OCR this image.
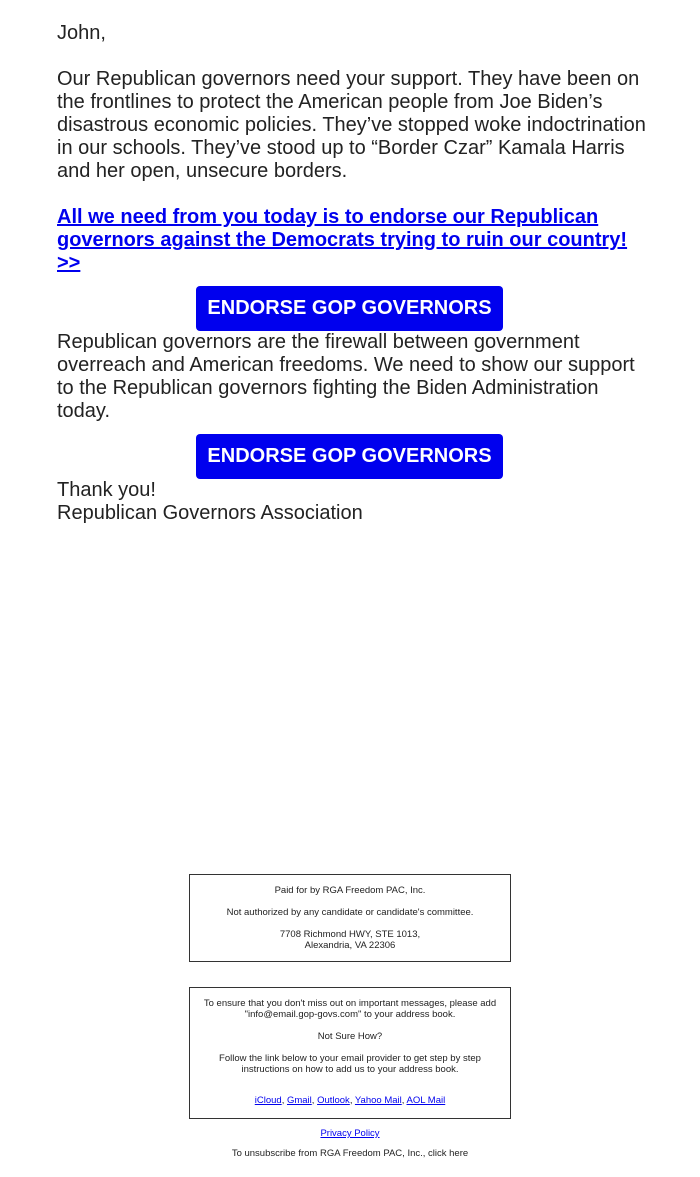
John,

Our Republican governors need your support. They have been on the frontlines to protect the American people from Joe Biden’s disastrous economic policies. They’ve stopped woke indoctrination in our schools. They’ve stood up to “Border Czar” Kamala Harris and her open, unsecure borders.

All we need from you today is to endorse our Republican governors against the Democrats trying to ruin our country! >>
ENDORSE GOP GOVERNORS

Republican governors are the firewall between government overreach and American freedoms. We need to show our support to the Republican governors fighting the Biden Administration today.

ENDORSE GOP GOVERNORS

Thank you!

Republican Governors Association

Paid for by RGA Freedom PAC, Inc.

Not authorized by any candidate or candidate's committee.

7708 Richmond HWY, STE 1013,

Alexandria, VA 22306

To ensure that you don't miss out on important messages, please add "info@email.gop-govs.com" to your address book.

Not Sure How?

Follow the link below to your email provider to get step by step instructions on how to add us to your address book.

iCloud, Gmail, Outlook, Yahoo Mail, AOL Mail

Privacy Policy
To unsubscribe from RGA Freedom PAC, Inc., click here
